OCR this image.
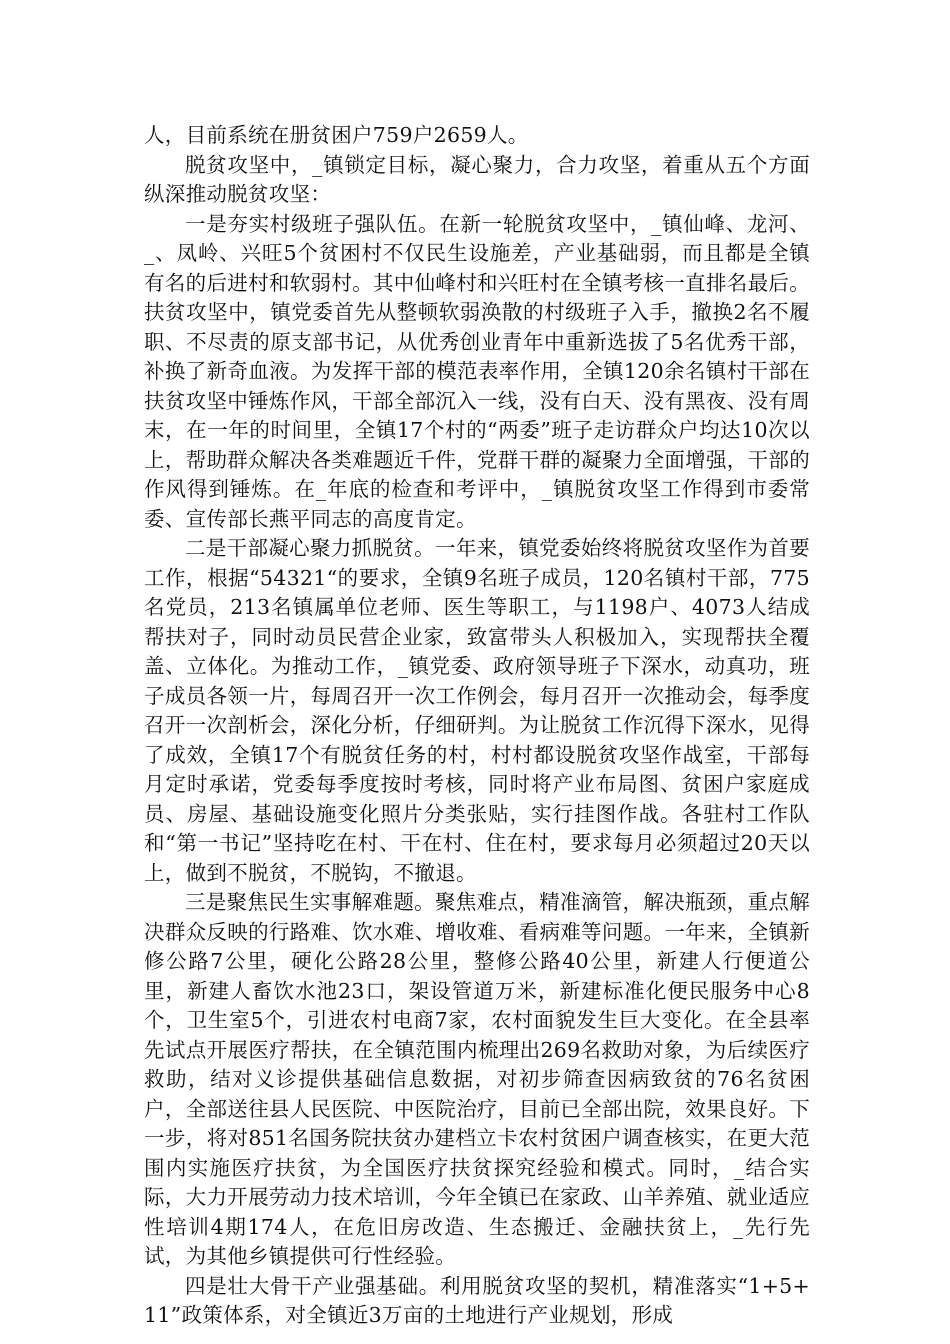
人，目前系统在册贫困户759户2659人。

脱贫攻坚中，_镇锁定目标，凝心聚力，合力攻坚，着重从五个方面纵深推动脱贫攻坚：

一是夯实村级班子强队伍。在新一轮脱贫攻坚中，_镇仙峰、龙河、_、凤岭、兴旺5个贫困村不仅民生设施差，产业基础弱，而且都是全镇有名的后进村和软弱村。其中仙峰村和兴旺村在全镇考核一直排名最后。扶贫攻坚中，镇党委首先从整顿软弱涣散的村级班子入手，撤换2名不履职、不尽责的原支部书记，从优秀创业青年中重新选拔了5名优秀干部，补换了新奇血液。为发挥干部的模范表率作用，全镇120余名镇村干部在扶贫攻坚中锤炼作风，干部全部沉入一线，没有白天、没有黑夜、没有周末，在一年的时间里，全镇17个村的“两委”班子走访群众户均达10次以上，帮助群众解决各类难题近千件，党群干群的凝聚力全面增强，干部的作风得到锤炼。在_年底的检查和考评中，_镇脱贫攻坚工作得到市委常委、宣传部长燕平同志的高度肯定。

二是干部凝心聚力抓脱贫。一年来，镇党委始终将脱贫攻坚作为首要工作，根据“54321“的要求，全镇9名班子成员，120名镇村干部，775名党员，213名镇属单位老师、医生等职工，与1198户、4073人结成帮扶对子，同时动员民营企业家，致富带头人积极加入，实现帮扶全覆盖、立体化。为推动工作，_镇党委、政府领导班子下深水，动真功，班子成员各领一片，每周召开一次工作例会，每月召开一次推动会，每季度召开一次剖析会，深化分析，仔细研判。为让脱贫工作沉得下深水，见得了成效，全镇17个有脱贫任务的村，村村都设脱贫攻坚作战室，干部每月定时承诺，党委每季度按时考核，同时将产业布局图、贫困户家庭成员、房屋、基础设施变化照片分类张贴，实行挂图作战。各驻村工作队和“第一书记”坚持吃在村、干在村、住在村，要求每月必须超过20天以上，做到不脱贫，不脱钩，不撤退。

三是聚焦民生实事解难题。聚焦难点，精准滴管，解决瓶颈，重点解决群众反映的行路难、饮水难、增收难、看病难等问题。一年来，全镇新修公路7公里，硬化公路28公里，整修公路40公里，新建人行便道公里，新建人畜饮水池23口，架设管道万米，新建标准化便民服务中心8个，卫生室5个，引进农村电商7家，农村面貌发生巨大变化。在全县率先试点开展医疗帮扶，在全镇范围内梳理出269名救助对象，为后续医疗救助，结对义诊提供基础信息数据，对初步筛查因病致贫的76名贫困户，全部送往县人民医院、中医院治疗，目前已全部出院，效果良好。下一步，将对851名国务院扶贫办建档立卡农村贫困户调查核实，在更大范围内实施医疗扶贫，为全国医疗扶贫探究经验和模式。同时，_结合实际，大力开展劳动力技术培训，今年全镇已在家政、山羊养殖、就业适应性培训4期174人，在危旧房改造、生态搬迁、金融扶贫上，_先行先试，为其他乡镇提供可行性经验。

四是壮大骨干产业强基础。利用脱贫攻坚的契机，精准落实“1+5+11”政策体系，对全镇近3万亩的土地进行产业规划，形成
